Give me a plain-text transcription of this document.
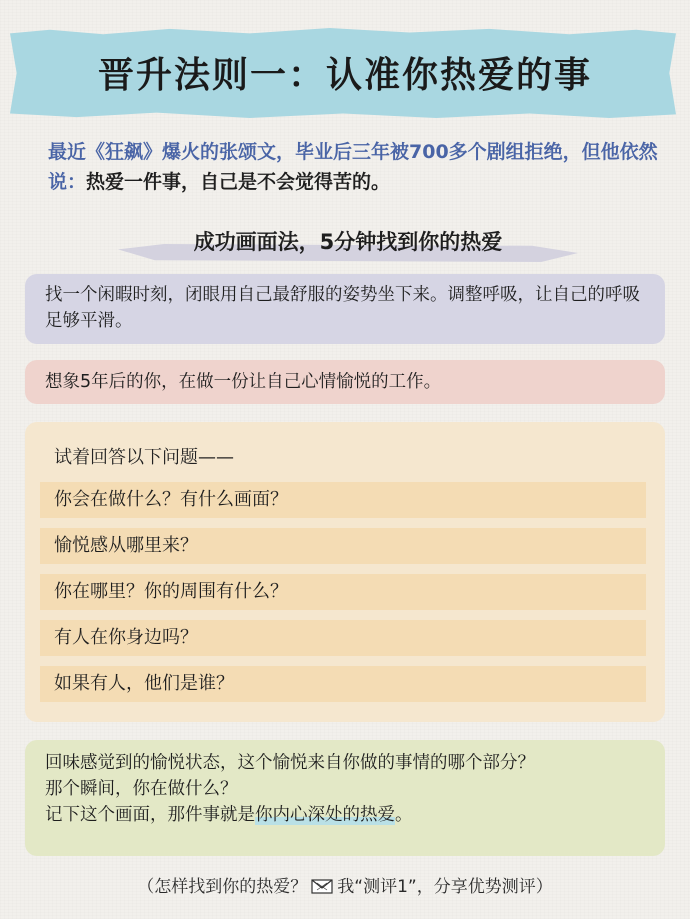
晋升法则一：认准你热爱的事
最近《狂飙》爆火的张颂文，毕业后三年被700多个剧组拒绝，但他依然说：热爱一件事，自己是不会觉得苦的。
成功画面法，5分钟找到你的热爱
找一个闲暇时刻，闭眼用自己最舒服的姿势坐下来。调整呼吸，让自己的呼吸足够平滑。
想象5年后的你，在做一份让自己心情愉悦的工作。
试着回答以下问题——
你会在做什么？有什么画面？
愉悦感从哪里来？
你在哪里？你的周围有什么？
有人在你身边吗？
如果有人，他们是谁？
回味感觉到的愉悦状态，这个愉悦来自你做的事情的哪个部分？
那个瞬间，你在做什么？
记下这个画面，那件事就是你内心深处的热爱。
（怎样找到你的热爱？ 我“测评1”，分享优势测评）
